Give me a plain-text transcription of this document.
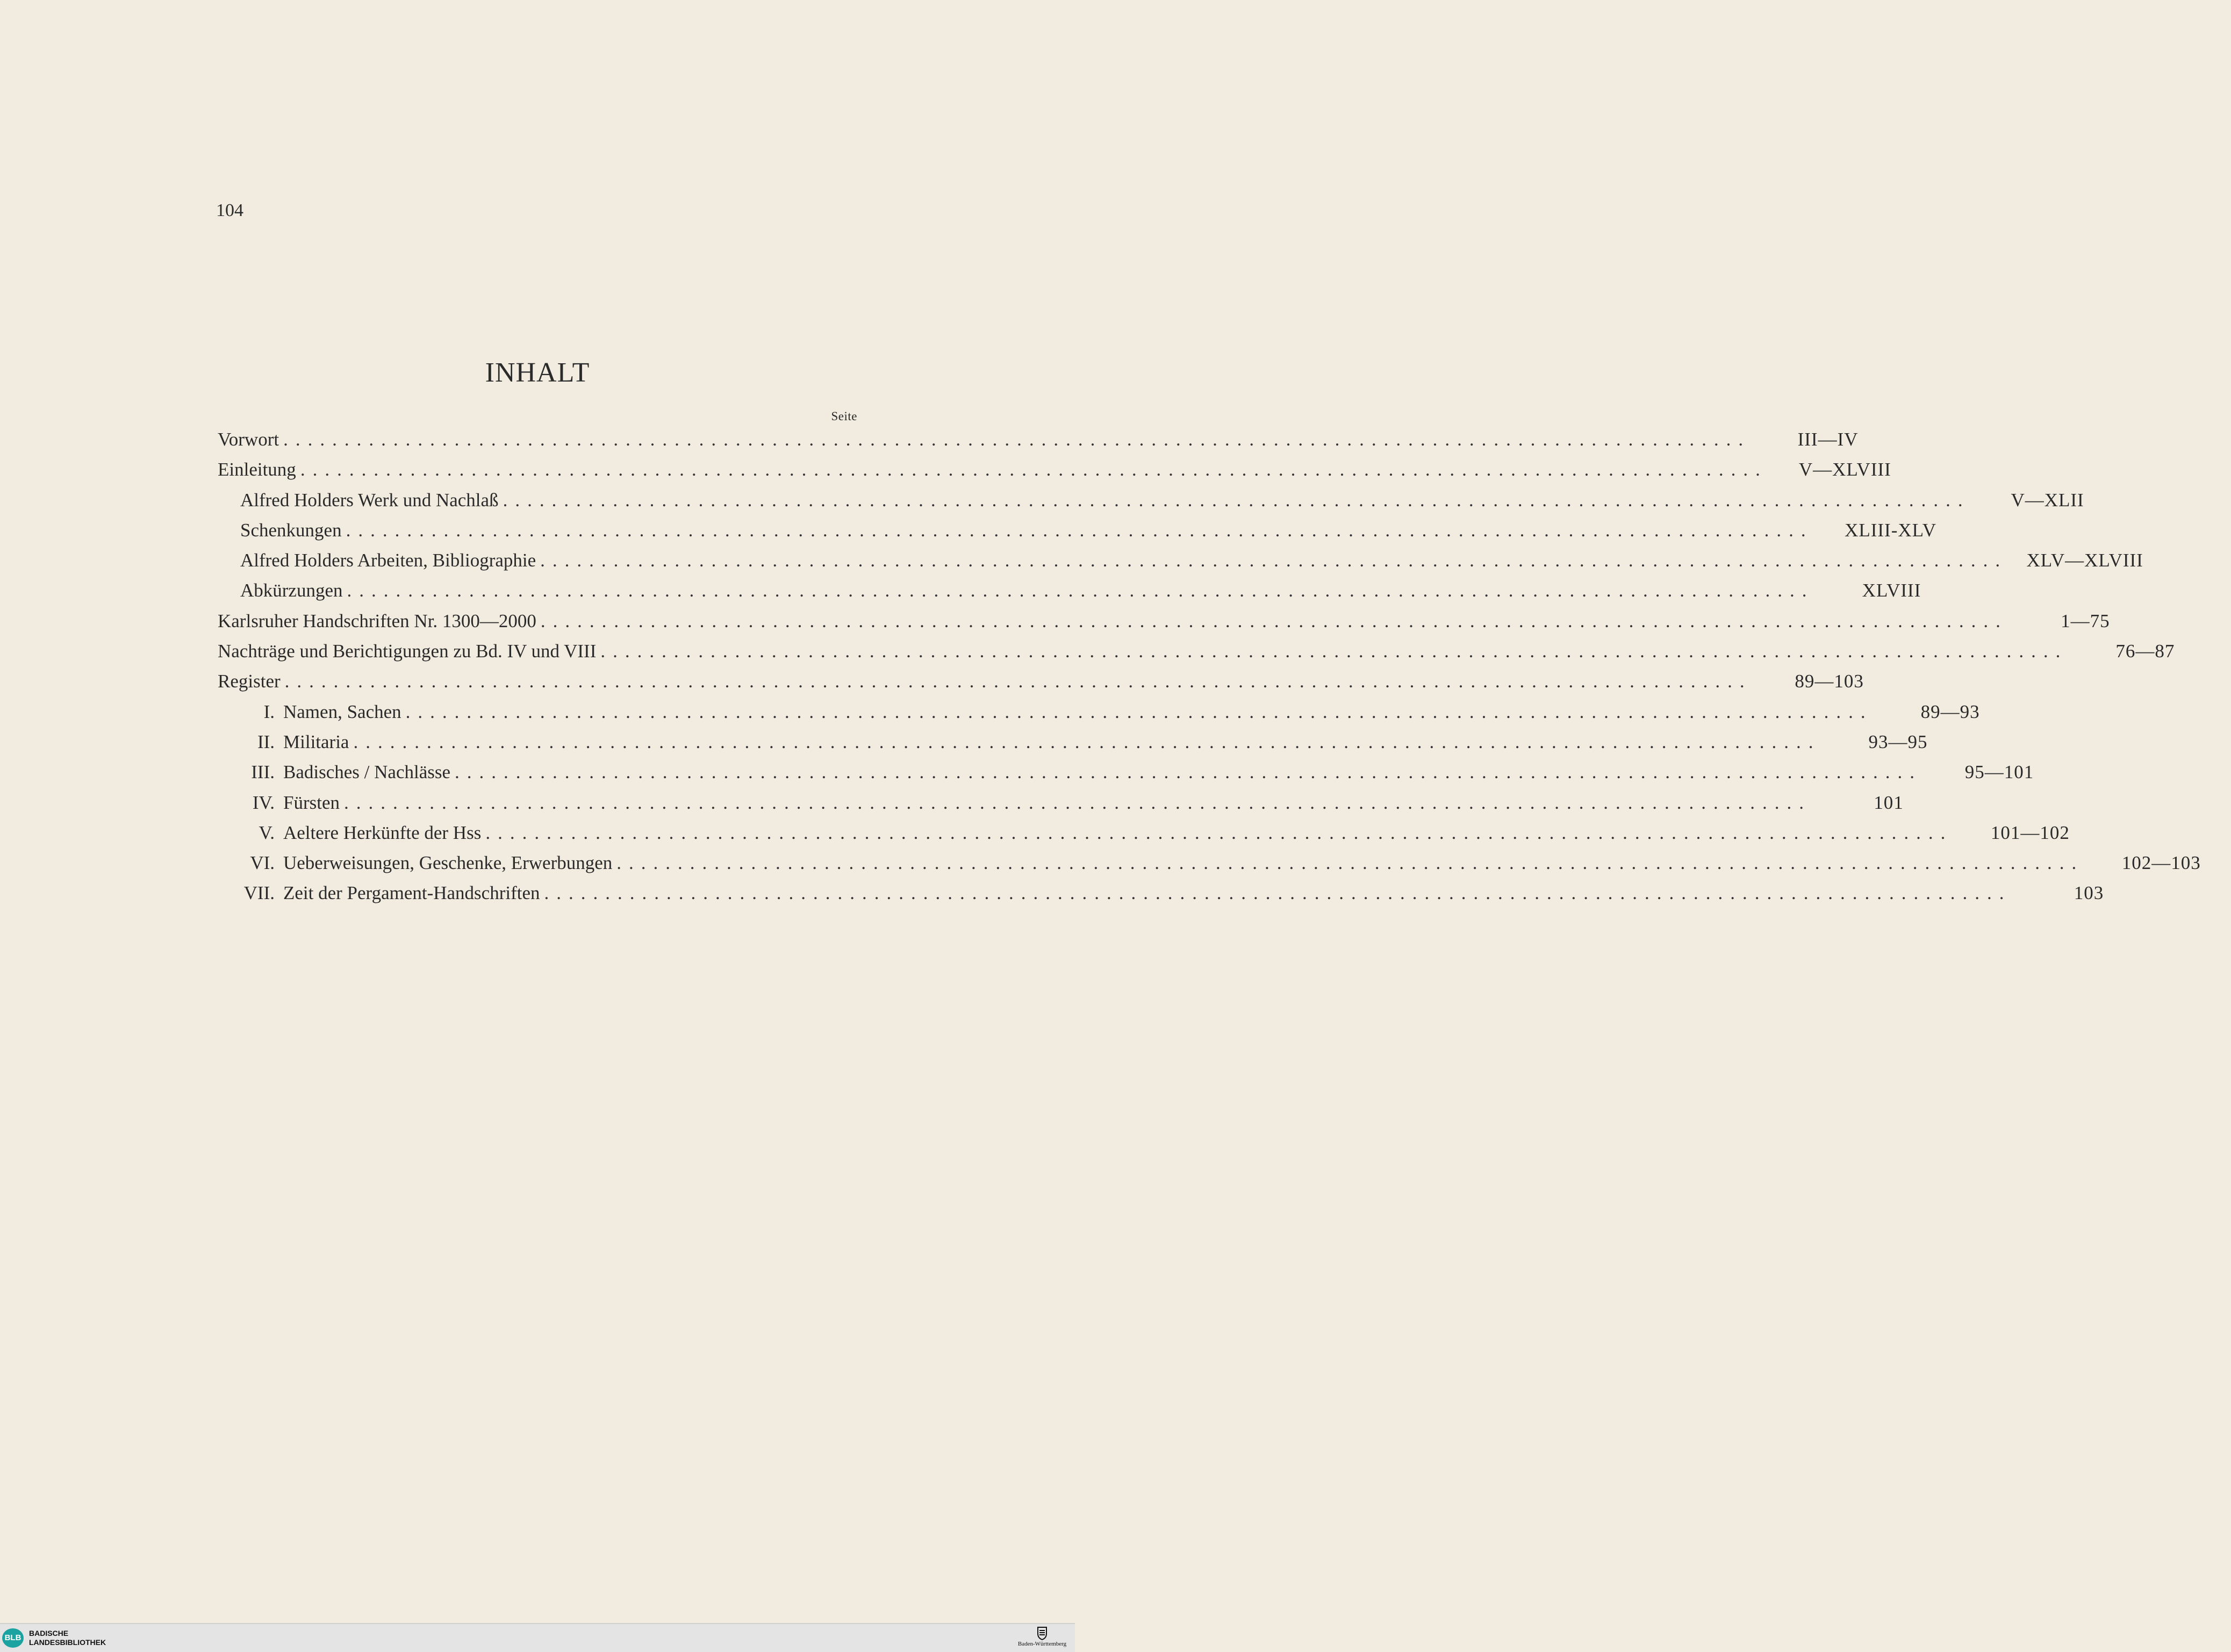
104
INHALT
Seite
Vorwort ........................................................................................................................	III—IV
Einleitung ........................................................................................................................	V—XLVIII
Alfred Holders Werk und Nachlaß ........................................................................................................................	V—XLII
Schenkungen ........................................................................................................................	XLIII-XLV
Alfred Holders Arbeiten, Bibliographie ........................................................................................................................	XLV—XLVIII
Abkürzungen ........................................................................................................................	XLVIII
Karlsruher Handschriften Nr. 1300—2000 ........................................................................................................................	1—75
Nachträge und Berichtigungen zu Bd. IV und VIII ........................................................................................................................	76—87
Register ........................................................................................................................	89—103
I. Namen, Sachen ........................................................................................................................	89—93
II. Militaria ........................................................................................................................	93—95
III. Badisches / Nachlässe ........................................................................................................................	95—101
IV. Fürsten ........................................................................................................................	101
V. Aeltere Herkünfte der Hss ........................................................................................................................	101—102
VI. Ueberweisungen, Geschenke, Erwerbungen ........................................................................................................................	102—103
VII. Zeit der Pergament-Handschriften ........................................................................................................................	103
BLB	BADISCHE
LANDESBIBLIOTHEK	Baden-Württemberg
